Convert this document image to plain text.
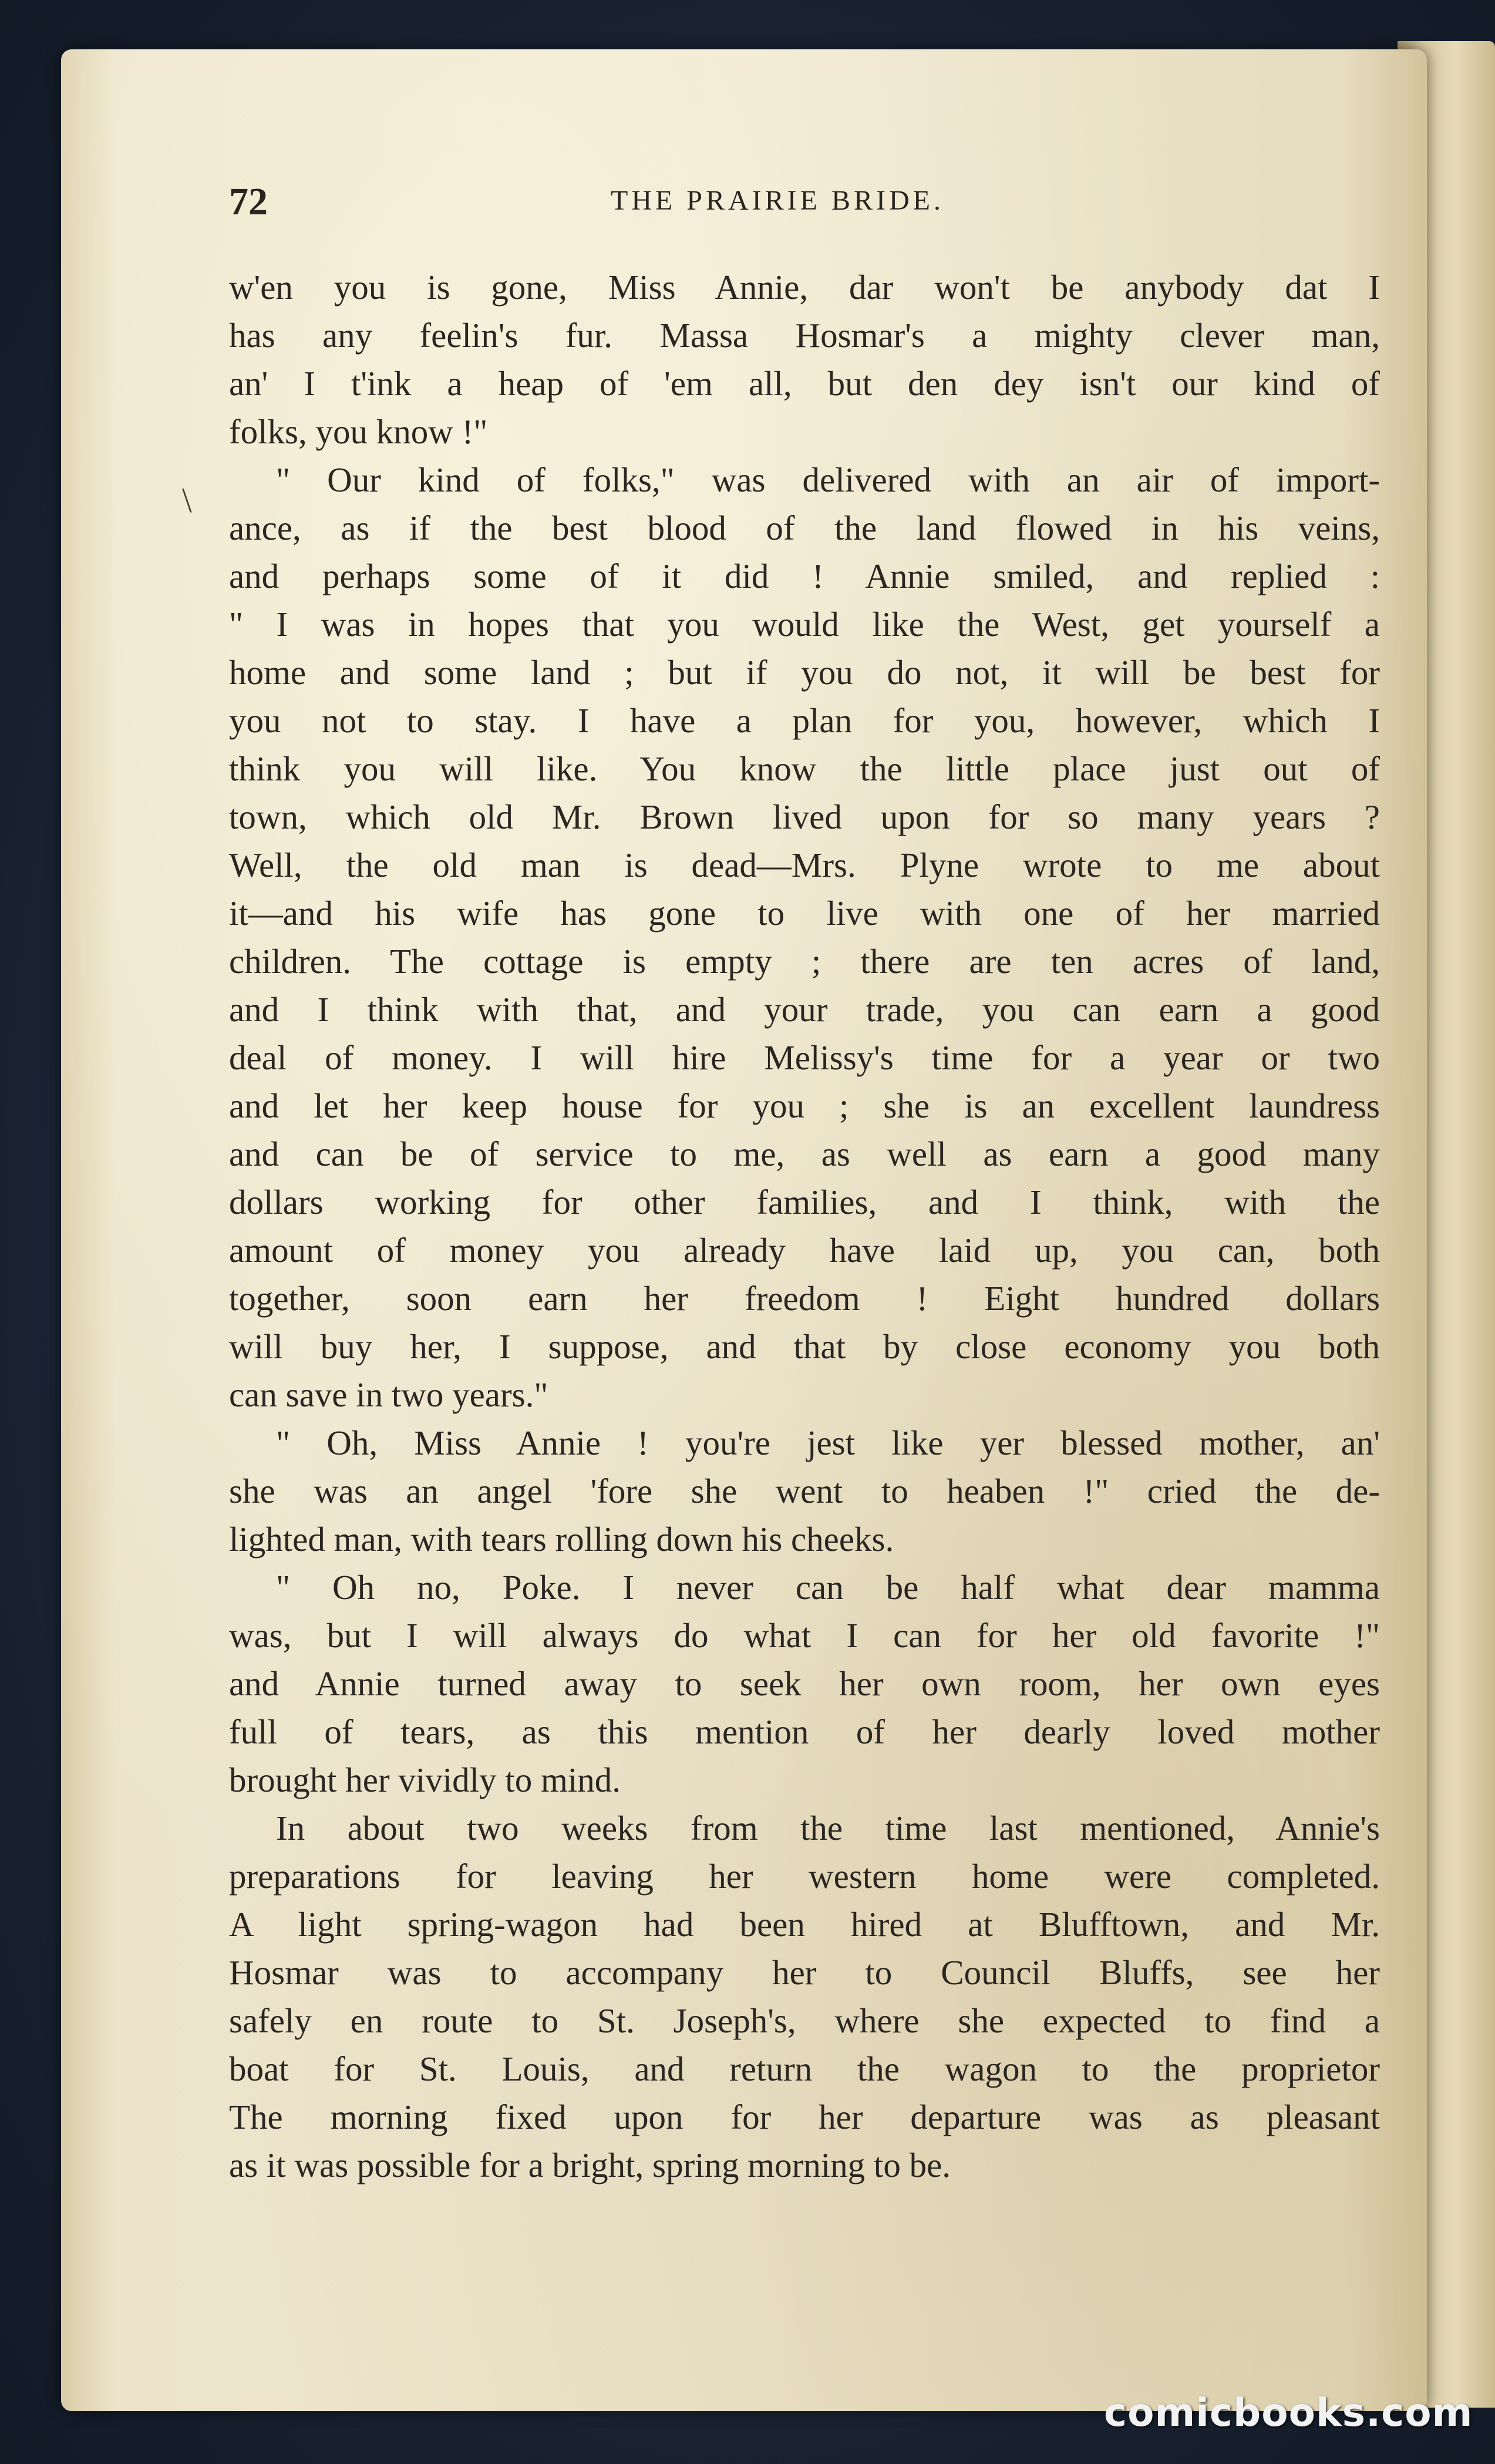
72	THE PRAIRIE BRIDE.
\
w'en you is gone, Miss Annie, dar won't be anybody dat I
has any feelin's fur. Massa Hosmar's a mighty clever man,
an' I t'ink a heap of 'em all, but den dey isn't our kind of
folks, you know !"
" Our kind of folks," was delivered with an air of import-
ance, as if the best blood of the land flowed in his veins,
and perhaps some of it did ! Annie smiled, and replied :
" I was in hopes that you would like the West, get yourself a
home and some land ; but if you do not, it will be best for
you not to stay. I have a plan for you, however, which I
think you will like. You know the little place just out of
town, which old Mr. Brown lived upon for so many years ?
Well, the old man is dead—Mrs. Plyne wrote to me about
it—and his wife has gone to live with one of her married
children. The cottage is empty ; there are ten acres of land,
and I think with that, and your trade, you can earn a good
deal of money. I will hire Melissy's time for a year or two
and let her keep house for you ; she is an excellent laundress
and can be of service to me, as well as earn a good many
dollars working for other families, and I think, with the
amount of money you already have laid up, you can, both
together, soon earn her freedom ! Eight hundred dollars
will buy her, I suppose, and that by close economy you both
can save in two years."
" Oh, Miss Annie ! you're jest like yer blessed mother, an'
she was an angel 'fore she went to heaben !" cried the de-
lighted man, with tears rolling down his cheeks.
" Oh no, Poke. I never can be half what dear mamma
was, but I will always do what I can for her old favorite !"
and Annie turned away to seek her own room, her own eyes
full of tears, as this mention of her dearly loved mother
brought her vividly to mind.
In about two weeks from the time last mentioned, Annie's
preparations for leaving her western home were completed.
A light spring-wagon had been hired at Blufftown, and Mr.
Hosmar was to accompany her to Council Bluffs, see her
safely en route to St. Joseph's, where she expected to find a
boat for St. Louis, and return the wagon to the proprietor
The morning fixed upon for her departure was as pleasant
as it was possible for a bright, spring morning to be.
comicbooks.com
